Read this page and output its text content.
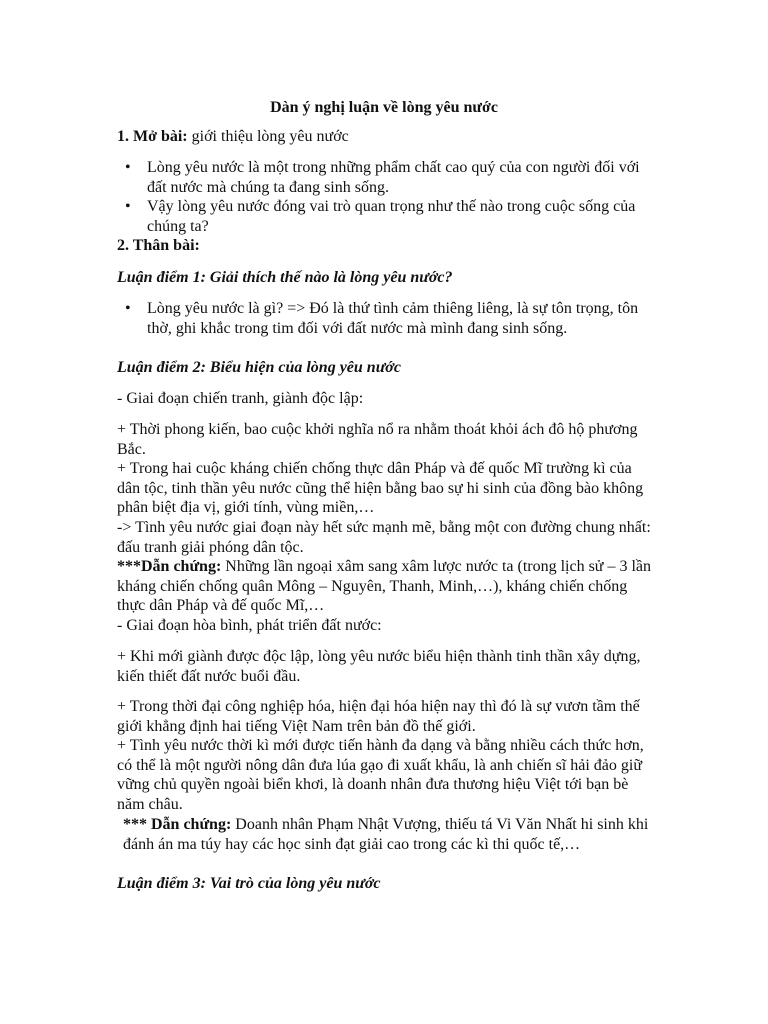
Dàn ý nghị luận về lòng yêu nước

1. Mở bài: giới thiệu lòng yêu nước

• Lòng yêu nước là một trong những phẩm chất cao quý của con người đối với đất nước mà chúng ta đang sinh sống.
• Vậy lòng yêu nước đóng vai trò quan trọng như thế nào trong cuộc sống của chúng ta?

2. Thân bài:

Luận điểm 1: Giải thích thế nào là lòng yêu nước?

• Lòng yêu nước là gì? => Đó là thứ tình cảm thiêng liêng, là sự tôn trọng, tôn thờ, ghi khắc trong tim đối với đất nước mà mình đang sinh sống.

Luận điểm 2: Biểu hiện của lòng yêu nước

- Giai đoạn chiến tranh, giành độc lập:

+ Thời phong kiến, bao cuộc khởi nghĩa nổ ra nhằm thoát khỏi ách đô hộ phương Bắc.

+ Trong hai cuộc kháng chiến chống thực dân Pháp và đế quốc Mĩ trường kì của dân tộc, tinh thần yêu nước cũng thể hiện bằng bao sự hi sinh của đồng bào không phân biệt địa vị, giới tính, vùng miền,…

-> Tình yêu nước giai đoạn này hết sức mạnh mẽ, bằng một con đường chung nhất: đấu tranh giải phóng dân tộc.

***Dẫn chứng: Những lần ngoại xâm sang xâm lược nước ta (trong lịch sử – 3 lần kháng chiến chống quân Mông – Nguyên, Thanh, Minh,…), kháng chiến chống thực dân Pháp và đế quốc Mĩ,…

- Giai đoạn hòa bình, phát triển đất nước:

+ Khi mới giành được độc lập, lòng yêu nước biểu hiện thành tinh thần xây dựng, kiến thiết đất nước buổi đầu.

+ Trong thời đại công nghiệp hóa, hiện đại hóa hiện nay thì đó là sự vươn tầm thế giới khẳng định hai tiếng Việt Nam trên bản đồ thế giới.

+ Tình yêu nước thời kì mới được tiến hành đa dạng và bằng nhiều cách thức hơn, có thể là một người nông dân đưa lúa gạo đi xuất khẩu, là anh chiến sĩ hải đảo giữ vững chủ quyền ngoài biển khơi, là doanh nhân đưa thương hiệu Việt tới bạn bè năm châu.

*** Dẫn chứng: Doanh nhân Phạm Nhật Vượng, thiếu tá Vi Văn Nhất hi sinh khi đánh án ma túy hay các học sinh đạt giải cao trong các kì thi quốc tế,…

Luận điểm 3: Vai trò của lòng yêu nước
